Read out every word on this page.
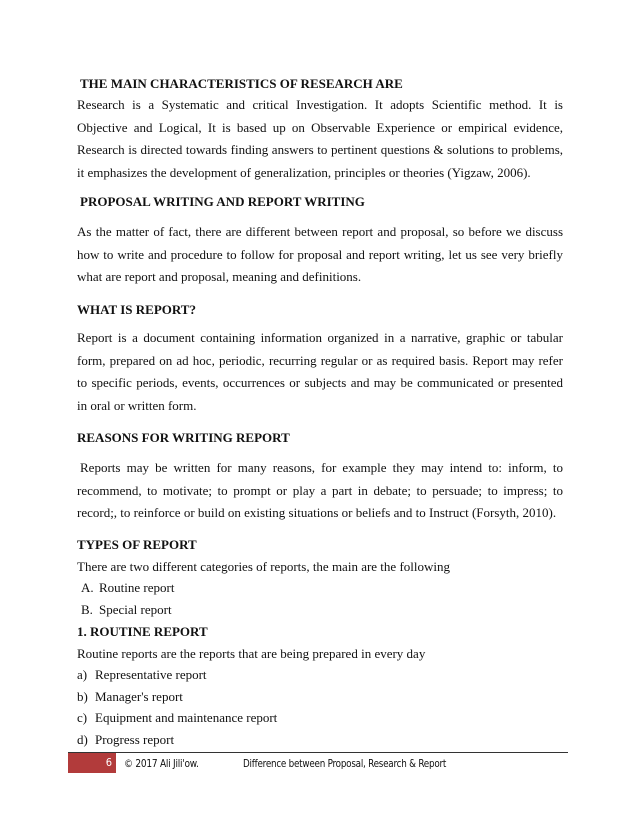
THE MAIN CHARACTERISTICS OF RESEARCH ARE
Research is a Systematic and critical Investigation. It adopts Scientific method. It is Objective and Logical, It is based up on Observable Experience or empirical evidence, Research is directed towards finding answers to pertinent questions & solutions to problems, it emphasizes the development of generalization, principles or theories (Yigzaw, 2006).
PROPOSAL WRITING AND REPORT WRITING
As the matter of fact, there are different between report and proposal, so before we discuss how to write and procedure to follow for proposal and report writing, let us see very briefly what are report and proposal, meaning and definitions.
WHAT IS REPORT?
Report is a document containing information organized in a narrative, graphic or tabular form, prepared on ad hoc, periodic, recurring regular or as required basis. Report may refer to specific periods, events, occurrences or subjects and may be communicated or presented in oral or written form.
REASONS FOR WRITING REPORT
Reports may be written for many reasons, for example they may intend to: inform, to recommend, to motivate; to prompt or play a part in debate; to persuade; to impress; to record;, to reinforce or build on existing situations or beliefs and to Instruct (Forsyth, 2010).
TYPES OF REPORT
There are two different categories of reports, the main are the following
A. Routine report
B. Special report
1. ROUTINE REPORT
Routine reports are the reports that are being prepared in every day
a) Representative report
b) Manager's report
c) Equipment and maintenance report
d) Progress report
6 © 2017 Ali Jili'ow.	Difference between Proposal, Research & Report
